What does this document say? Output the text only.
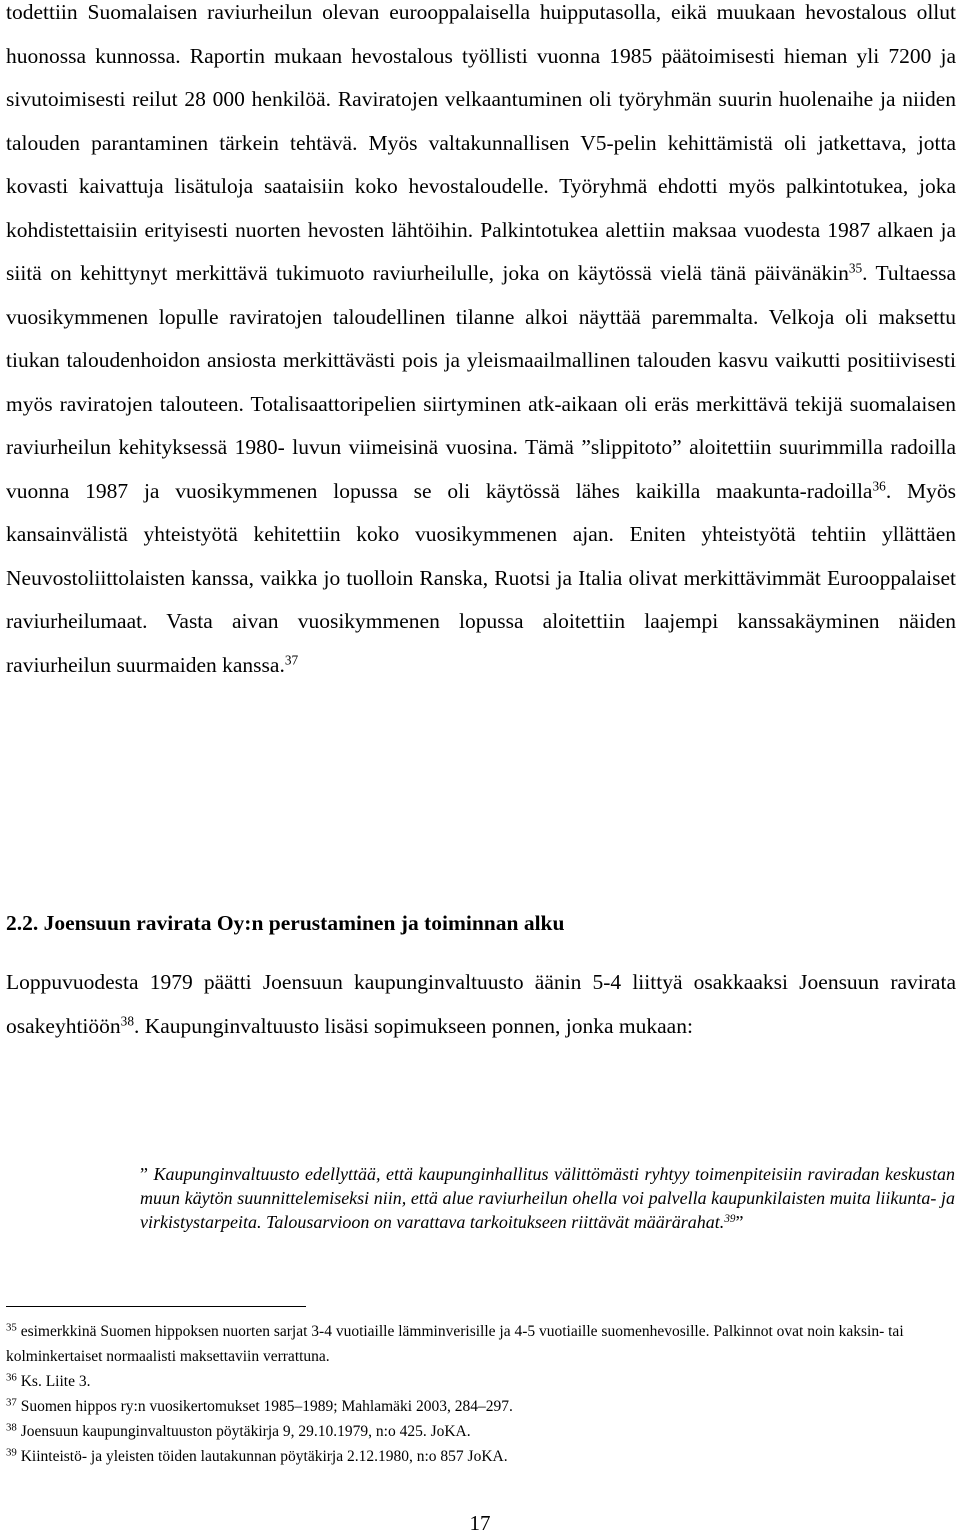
todettiin Suomalaisen raviurheilun olevan eurooppalaisella huipputasolla, eikä muukaan hevostalous ollut huonossa kunnossa. Raportin mukaan hevostalous työllisti vuonna 1985 päätoimisesti hieman yli 7200 ja sivutoimisesti reilut 28 000 henkilöä. Raviratojen velkaantuminen oli työryhmän suurin huolenaihe ja niiden talouden parantaminen tärkein tehtävä. Myös valtakunnallisen V5-pelin kehittämistä oli jatkettava, jotta kovasti kaivattuja lisätuloja saataisiin koko hevostaloudelle. Työryhmä ehdotti myös palkintotukea, joka kohdistettaisiin erityisesti nuorten hevosten lähtöihin. Palkintotukea alettiin maksaa vuodesta 1987 alkaen ja siitä on kehittynyt merkittävä tukimuoto raviurheilulle, joka on käytössä vielä tänä päivänäkin$^{35}$. Tultaessa vuosikymmenen lopulle raviratojen taloudellinen tilanne alkoi näyttää paremmalta. Velkoja oli maksettu tiukan taloudenhoidon ansiosta merkittävästi pois ja yleismaailmallinen talouden kasvu vaikutti positiivisesti myös raviratojen talouteen. Totalisaattoripelien siirtyminen atk-aikaan oli eräs merkittävä tekijä suomalaisen raviurheilun kehityksessä 1980- luvun viimeisinä vuosina. Tämä ”slippitoto” aloitettiin suurimmilla radoilla vuonna 1987 ja vuosikymmenen lopussa se oli käytössä lähes kaikilla maakunta-radoilla$^{36}$. Myös kansainvälistä yhteistyötä kehitettiin koko vuosikymmenen ajan. Eniten yhteistyötä tehtiin yllättäen Neuvostoliittolaisten kanssa, vaikka jo tuolloin Ranska, Ruotsi ja Italia olivat merkittävimmät Eurooppalaiset raviurheilumaat. Vasta aivan vuosikymmenen lopussa aloitettiin laajempi kanssakäyminen näiden raviurheilun suurmaiden kanssa.$^{37}$

2.2. Joensuun ravirata Oy:n perustaminen ja toiminnan alku

Loppuvuodesta 1979 päätti Joensuun kaupunginvaltuusto äänin 5-4 liittyä osakkaaksi Joensuun ravirata osakeyhtiöön$^{38}$. Kaupunginvaltuusto lisäsi sopimukseen ponnen, jonka mukaan:

” Kaupunginvaltuusto edellyttää, että kaupunginhallitus välittömästi ryhtyy toimenpiteisiin raviradan keskustan muun käytön suunnittelemiseksi niin, että alue raviurheilun ohella voi palvella kaupunkilaisten muita liikunta- ja virkistystarpeita. Talousarvioon on varattava tarkoitukseen riittävät määrärahat.$^{39}$”

$^{35}$ esimerkkinä Suomen hippoksen nuorten sarjat 3-4 vuotiaille lämminverisille ja 4-5 vuotiaille suomenhevosille. Palkinnot ovat noin kaksin- tai kolminkertaiset normaalisti maksettaviin verrattuna.

$^{36}$ Ks. Liite 3.

$^{37}$ Suomen hippos ry:n vuosikertomukset 1985–1989; Mahlamäki 2003, 284–297.

$^{38}$ Joensuun kaupunginvaltuuston pöytäkirja 9, 29.10.1979, n:o 425. JoKA.

$^{39}$ Kiinteistö- ja yleisten töiden lautakunnan pöytäkirja 2.12.1980, n:o 857 JoKA.

17
